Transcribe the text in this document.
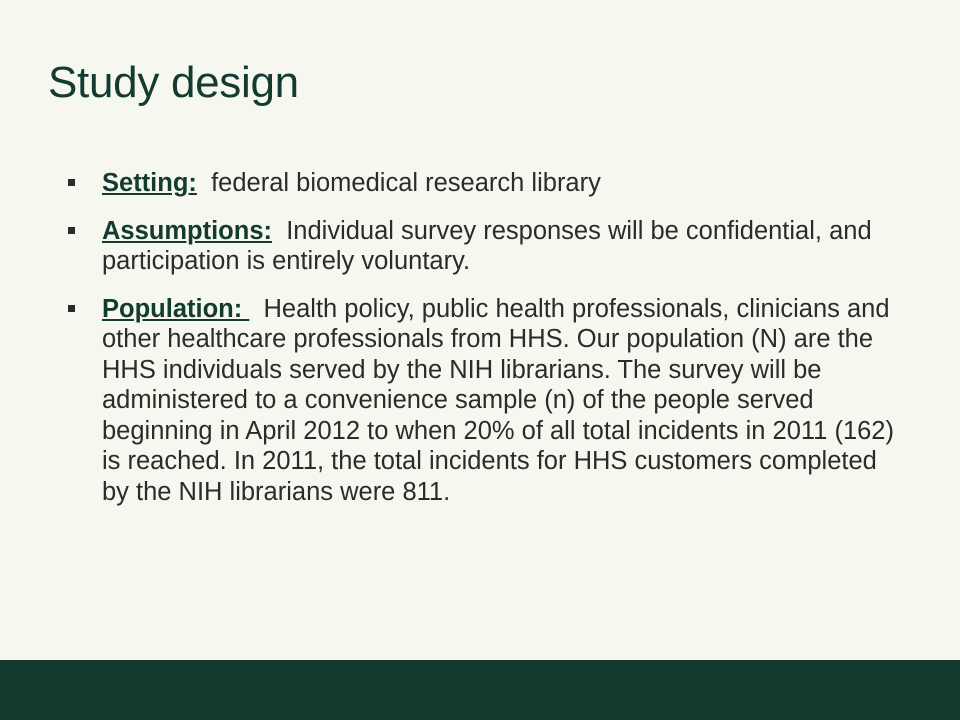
Study design
Setting: federal biomedical research library
Assumptions: Individual survey responses will be confidential, and participation is entirely voluntary.
Population:   Health policy, public health professionals, clinicians and other healthcare professionals from HHS. Our population (N) are the HHS individuals served by the NIH librarians. The survey will be administered to a convenience sample (n) of the people served beginning in April 2012 to when 20% of all total incidents in 2011 (162) is reached. In 2011, the total incidents for HHS customers completed by the NIH librarians were 811.
